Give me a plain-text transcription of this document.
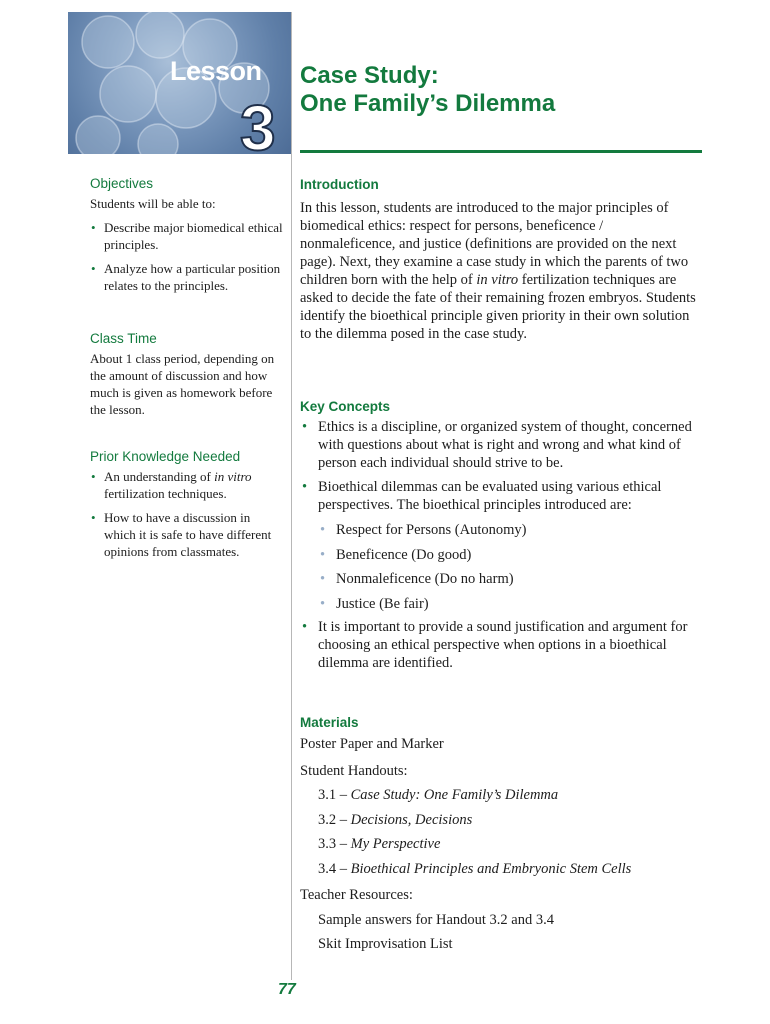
Lesson
3
Case Study:
One Family’s Dilemma
Objectives
Students will be able to:
• Describe major biomedical ethical principles.
• Analyze how a particular position relates to the principles.
Class Time
About 1 class period, depending on the amount of discussion and how much is given as homework before the lesson.
Prior Knowledge Needed
• An understanding of in vitro fertilization techniques.
• How to have a discussion in which it is safe to have different opinions from classmates.
Introduction

In this lesson, students are introduced to the major principles of biomedical ethics: respect for persons, beneficence / nonmaleficence, and justice (definitions are provided on the next page). Next, they examine a case study in which the parents of two children born with the help of in vitro fertilization techniques are asked to decide the fate of their remaining frozen embryos. Students identify the bioethical principle given priority in their own solution to the dilemma posed in the case study.

Key Concepts
• Ethics is a discipline, or organized system of thought, concerned with questions about what is right and wrong and what kind of person each individual should strive to be.
• Bioethical dilemmas can be evaluated using various ethical perspectives. The bioethical principles introduced are:
• Respect for Persons (Autonomy)
• Beneficence (Do good)
• Nonmaleficence (Do no harm)
• Justice (Be fair)
• It is important to provide a sound justification and argument for choosing an ethical perspective when options in a bioethical dilemma are identified.
Materials

Poster Paper and Marker

Student Handouts:

3.1 – Case Study: One Family’s Dilemma

3.2 – Decisions, Decisions

3.3 – My Perspective

3.4 – Bioethical Principles and Embryonic Stem Cells

Teacher Resources:

Sample answers for Handout 3.2 and 3.4

Skit Improvisation List

77
